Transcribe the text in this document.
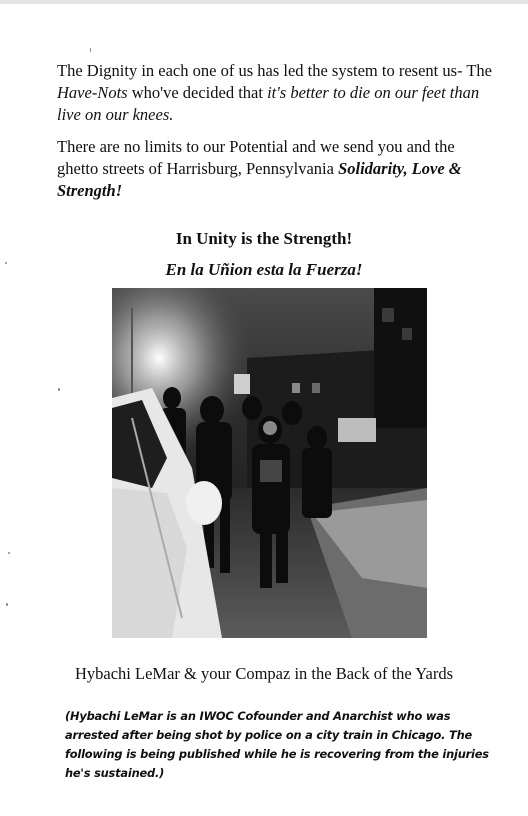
The Dignity in each one of us has led the system to resent us- The Have-Nots who've decided that it's better to die on our feet than live on our knees.
There are no limits to our Potential and we send you and the ghetto streets of Harrisburg, Pennsylvania Solidarity, Love & Strength!
In Unity is the Strength!
En la Uñion esta la Fuerza!
Hybachi LeMar & your Compaz in the Back of the Yards
(Hybachi LeMar is an IWOC Cofounder and Anarchist who was arrested after being shot by police on a city train in Chicago. The following is being published while he is recovering from the injuries he's sustained.)
